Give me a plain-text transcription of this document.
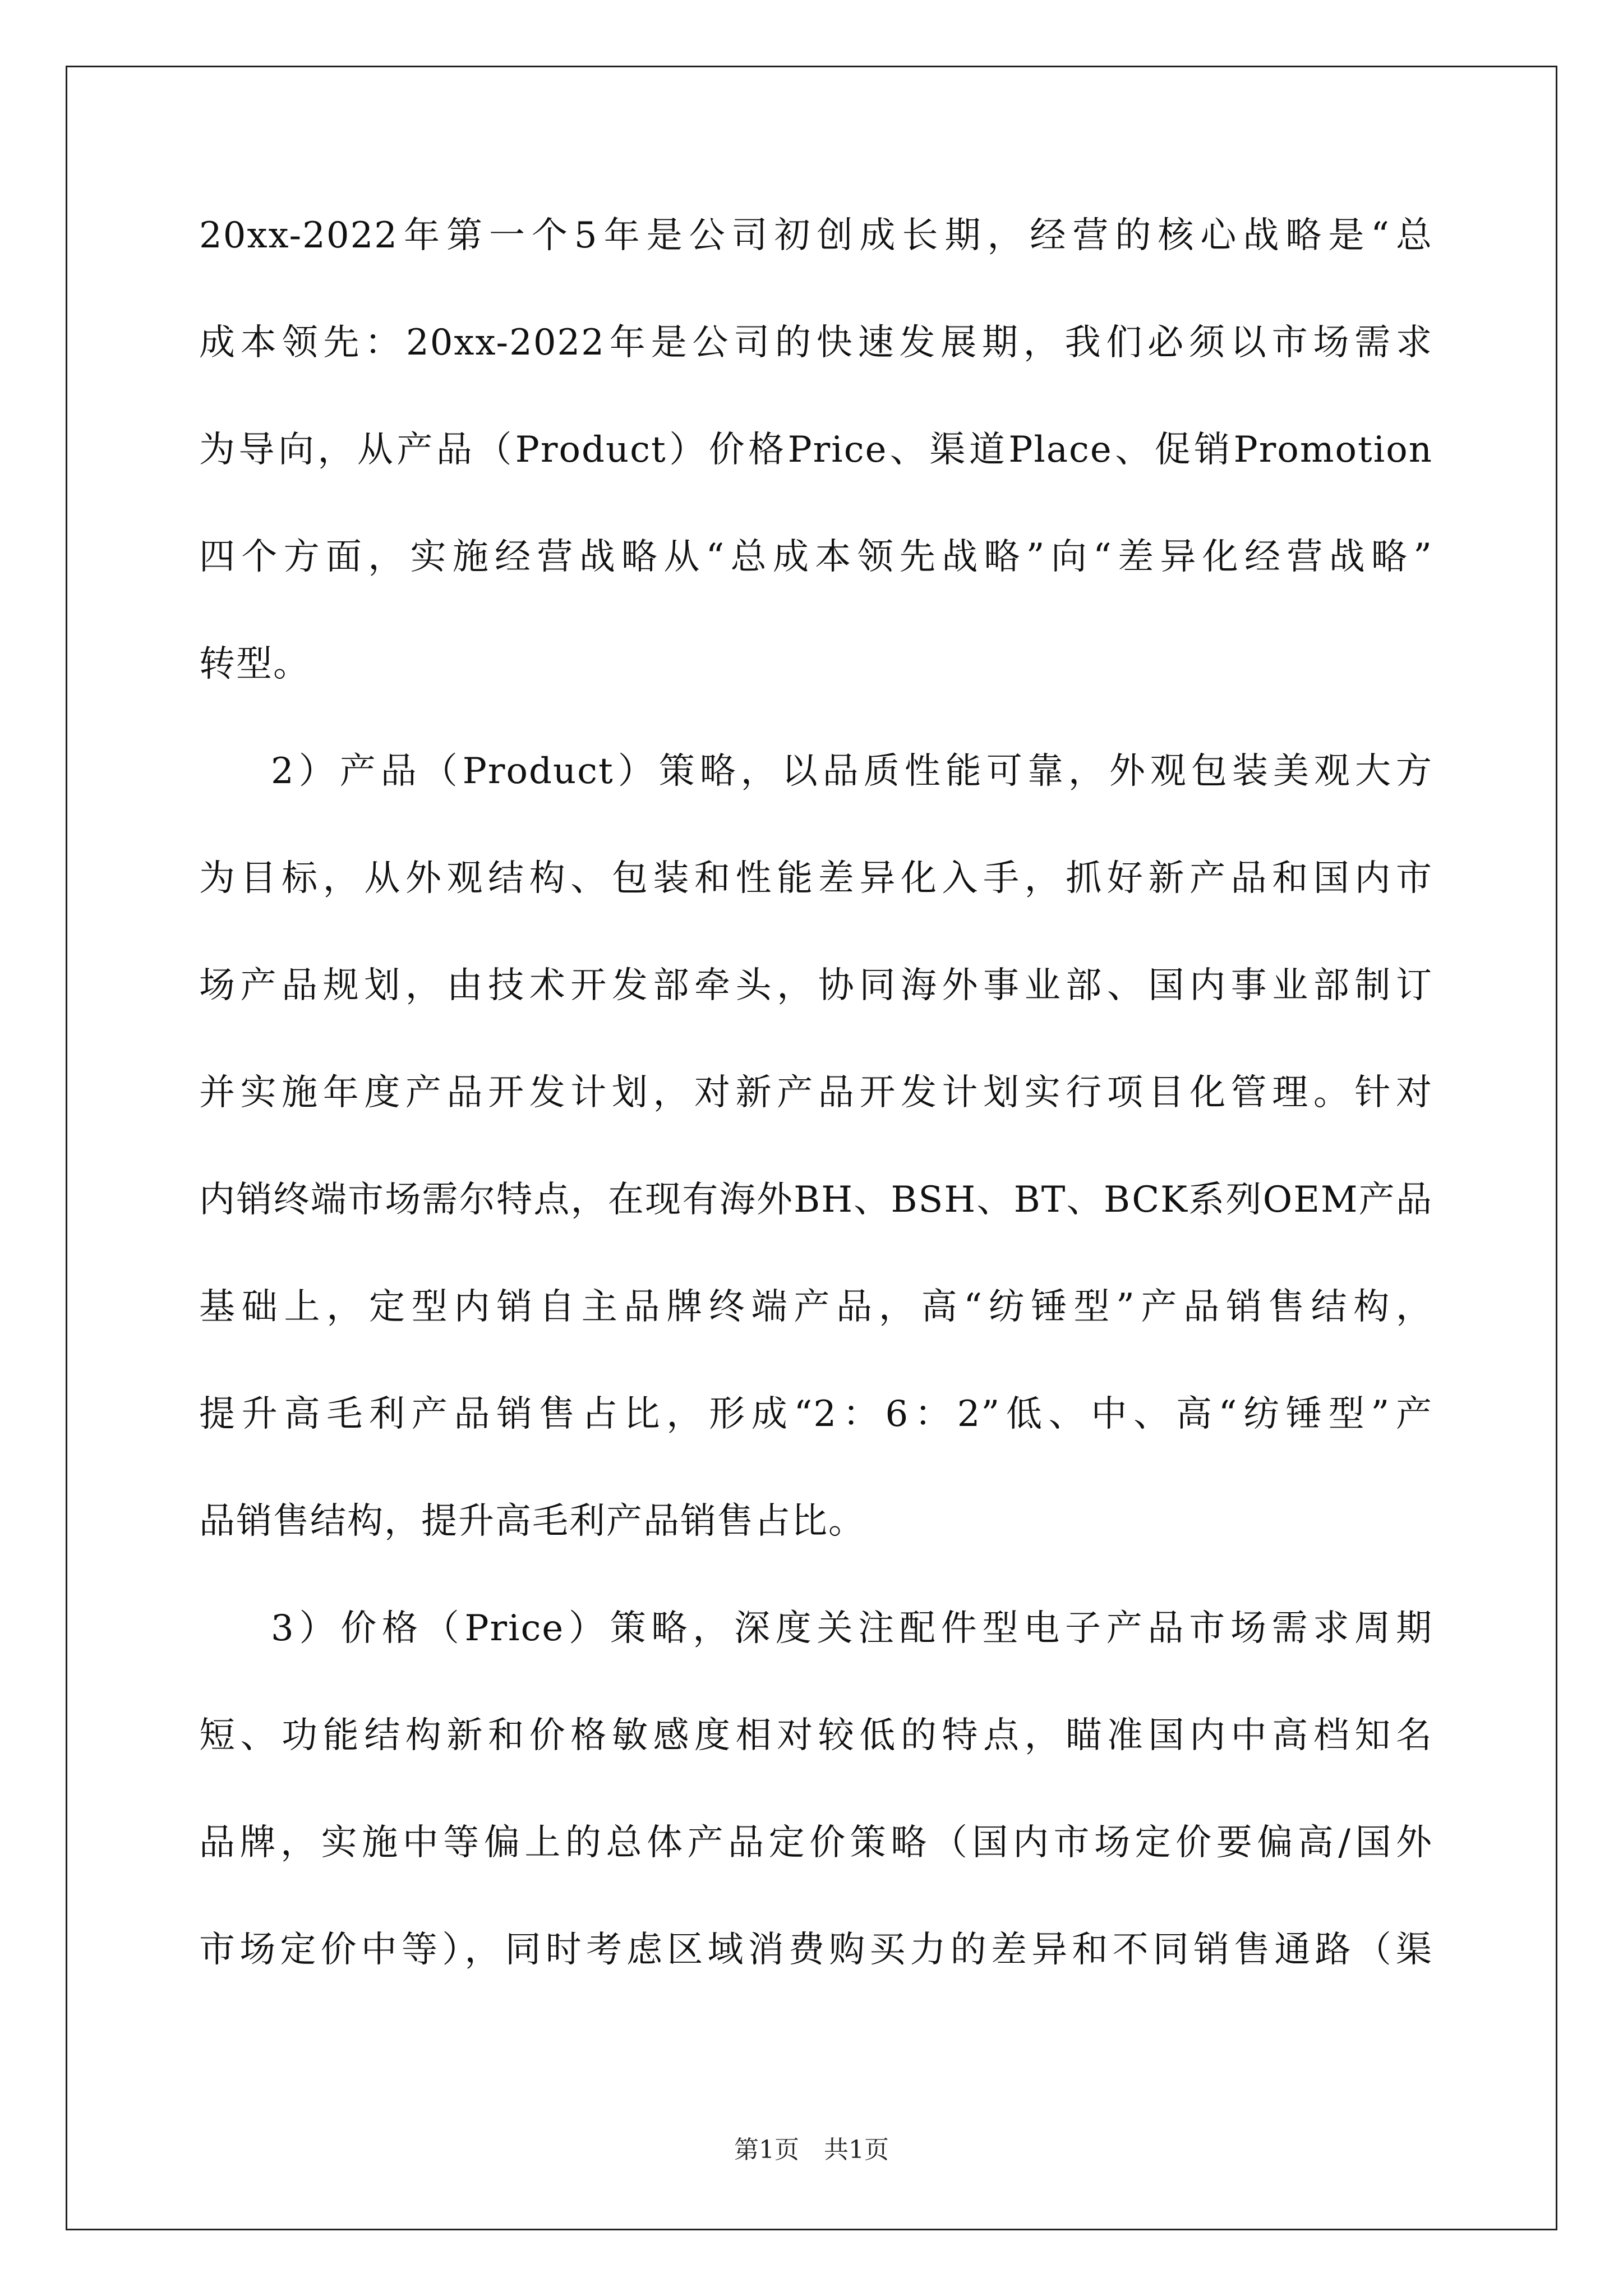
20xx-2022年第一个5年是公司初创成长期，经营的核心战略是“总

成本领先：20xx-2022年是公司的快速发展期，我们必须以市场需求

为导向，从产品（Product）价格Price、渠道Place、促销Promotion

四个方面，实施经营战略从“总成本领先战略”向“差异化经营战略”

转型。

2）产品（Product）策略，以品质性能可靠，外观包装美观大方

为目标，从外观结构、包装和性能差异化入手，抓好新产品和国内市

场产品规划，由技术开发部牵头，协同海外事业部、国内事业部制订

并实施年度产品开发计划，对新产品开发计划实行项目化管理。针对

内销终端市场需尔特点，在现有海外BH、BSH、BT、BCK系列OEM产品

基础上，定型内销自主品牌终端产品，高“纺锤型”产品销售结构，

提升高毛利产品销售占比，形成“2：6：2”低、中、高“纺锤型”产

品销售结构，提升高毛利产品销售占比。

3）价格（Price）策略，深度关注配件型电子产品市场需求周期

短、功能结构新和价格敏感度相对较低的特点，瞄准国内中高档知名

品牌，实施中等偏上的总体产品定价策略（国内市场定价要偏高/国外

市场定价中等），同时考虑区域消费购买力的差异和不同销售通路（渠

第1页　共1页
